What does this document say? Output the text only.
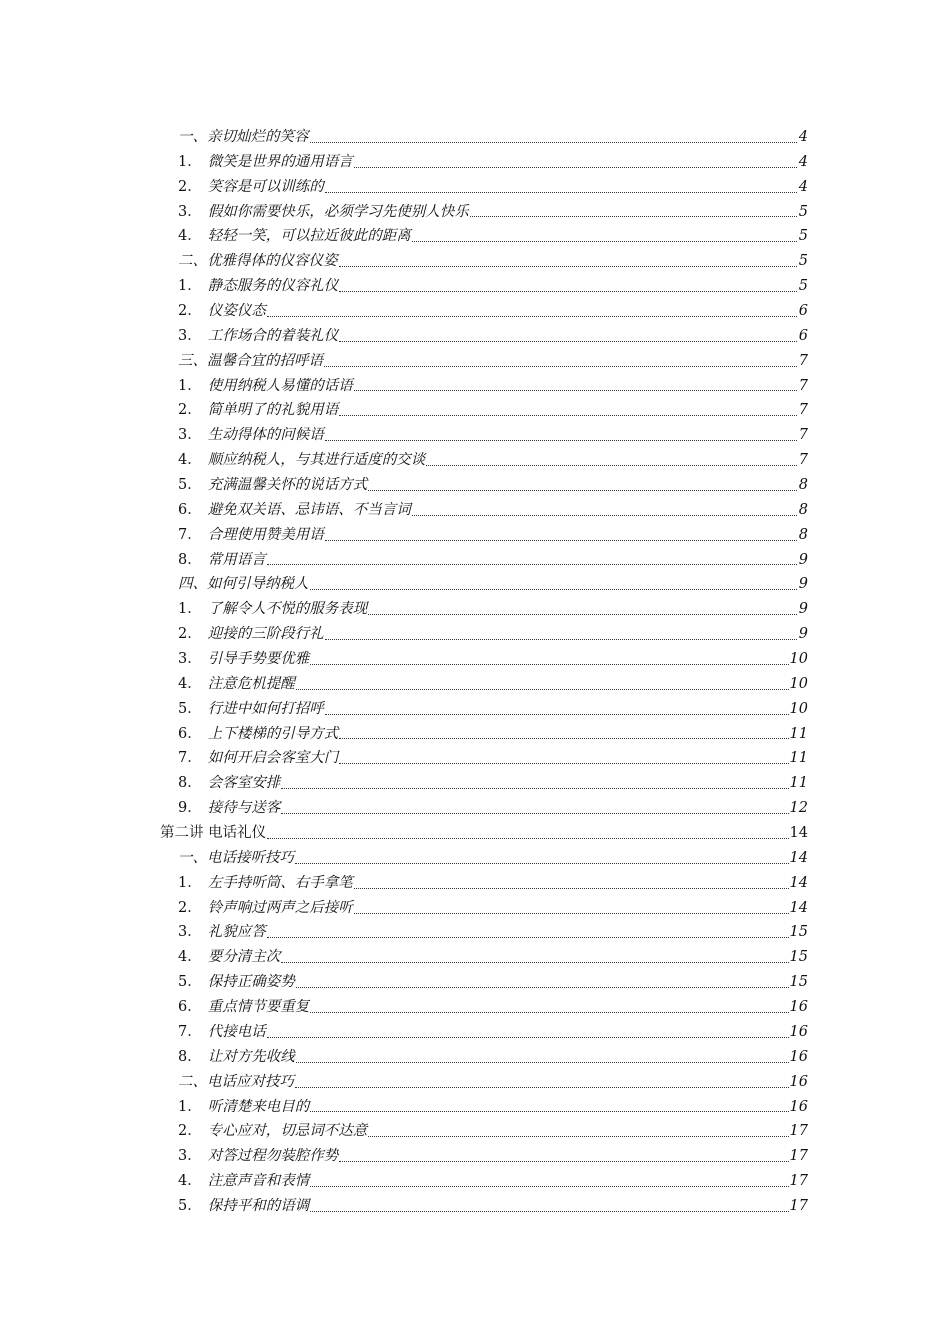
一、亲切灿烂的笑容	4
1． 微笑是世界的通用语言	4
2． 笑容是可以训练的	4
3． 假如你需要快乐，必须学习先使别人快乐	5
4． 轻轻一笑，可以拉近彼此的距离	5
二、优雅得体的仪容仪姿	5
1． 静态服务的仪容礼仪	5
2． 仪姿仪态	6
3． 工作场合的着装礼仪	6
三、温馨合宜的招呼语	7
1． 使用纳税人易懂的话语	7
2． 简单明了的礼貌用语	7
3． 生动得体的问候语	7
4． 顺应纳税人，与其进行适度的交谈	7
5． 充满温馨关怀的说话方式	8
6． 避免双关语、忌讳语、不当言词	8
7． 合理使用赞美用语	8
8． 常用语言	9
四、如何引导纳税人	9
1． 了解令人不悦的服务表现	9
2． 迎接的三阶段行礼	9
3． 引导手势要优雅	10
4． 注意危机提醒	10
5． 行进中如何打招呼	10
6． 上下楼梯的引导方式	11
7． 如何开启会客室大门	11
8． 会客室安排	11
9． 接待与送客	12
第二讲 电话礼仪	14
一、电话接听技巧	14
1． 左手持听筒、右手拿笔	14
2． 铃声响过两声之后接听	14
3． 礼貌应答	15
4． 要分清主次	15
5． 保持正确姿势	15
6． 重点情节要重复	16
7． 代接电话	16
8． 让对方先收线	16
二、电话应对技巧	16
1． 听清楚来电目的	16
2． 专心应对，切忌词不达意	17
3． 对答过程勿装腔作势	17
4． 注意声音和表情	17
5． 保持平和的语调	17
